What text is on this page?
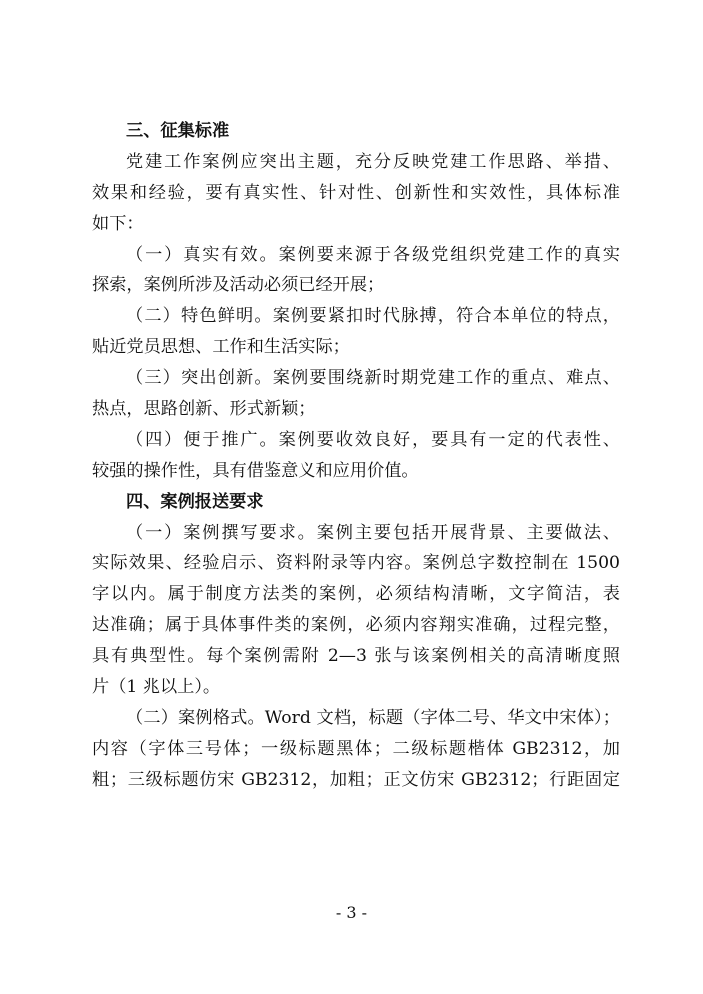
三、征集标准
党建工作案例应突出主题，充分反映党建工作思路、举措、
效果和经验，要有真实性、针对性、创新性和实效性，具体标准
如下：
（一）真实有效。案例要来源于各级党组织党建工作的真实
探索，案例所涉及活动必须已经开展；
（二）特色鲜明。案例要紧扣时代脉搏，符合本单位的特点，
贴近党员思想、工作和生活实际；
（三）突出创新。案例要围绕新时期党建工作的重点、难点、
热点，思路创新、形式新颖；
（四）便于推广。案例要收效良好，要具有一定的代表性、
较强的操作性，具有借鉴意义和应用价值。
四、案例报送要求
（一）案例撰写要求。案例主要包括开展背景、主要做法、
实际效果、经验启示、资料附录等内容。案例总字数控制在 1500
字以内。属于制度方法类的案例，必须结构清晰，文字简洁，表
达准确；属于具体事件类的案例，必须内容翔实准确，过程完整，
具有典型性。每个案例需附 2—3 张与该案例相关的高清晰度照
片（1 兆以上）。
（二）案例格式。Word 文档，标题（字体二号、华文中宋体）；
内容（字体三号体；一级标题黑体；二级标题楷体 GB2312，加
粗；三级标题仿宋 GB2312，加粗；正文仿宋 GB2312；行距固定
- 3 -
